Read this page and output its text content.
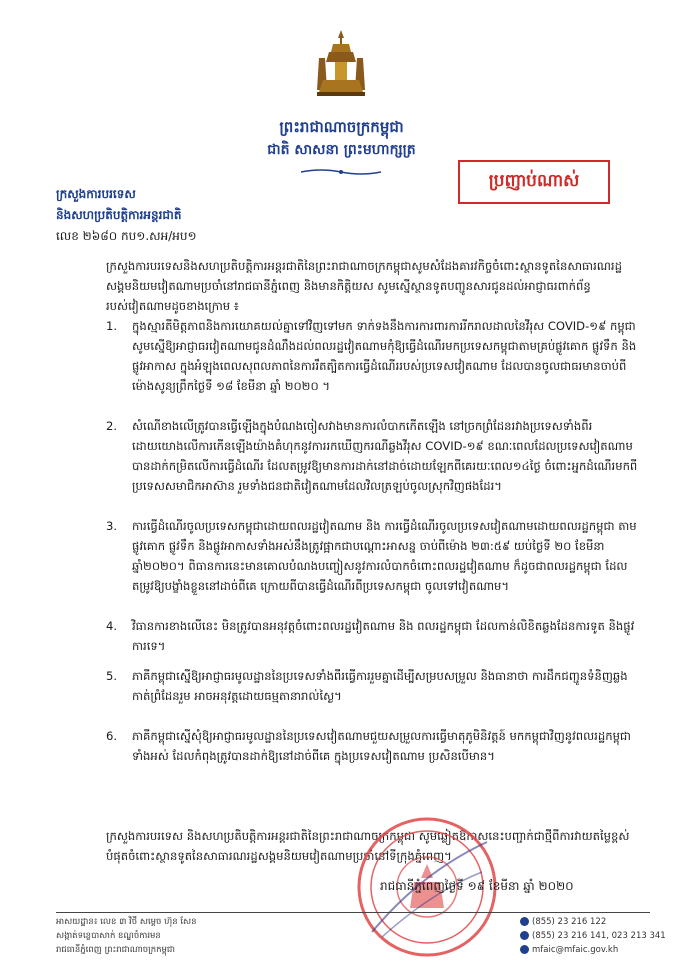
ព្រះរាជាណាចក្រកម្ពុជា
ជាតិ សាសនា ព្រះមហាក្សត្រ
ក្រសួងការបរទេស
និងសហប្រតិបត្តិការអន្តរជាតិ
លេខ ២៦៨០ កប១.សអ/អប១
ប្រញាប់ណាស់
ក្រសួងការបរទេសនិងសហប្រតិបត្តិការអន្តរជាតិនៃព្រះរាជាណាចក្រកម្ពុជាសូមសំដែងគារវកិច្ចចំពោះស្ថានទូតនៃសាធារណរដ្ឋសង្គមនិយមវៀតណាមប្រចាំនៅរាជធានីភ្នំពេញ និងមានកិត្តិយស សូមស្នើស្ថានទូតបញ្ជូនសារជូនដល់អាជ្ញាធរពាក់ព័ន្ធរបស់វៀតណាមដូចខាងក្រោម ៖
1. ក្នុងស្មារតីមិត្តភាពនិងការយោគយល់គ្នាទៅវិញទៅមក ទាក់ទងនឹងការការពារការរីករាលដាលនៃវីរុស COVID-១៩ កម្ពុជាសូមស្នើឱ្យអាជ្ញាធរវៀតណាមជូនដំណឹងដល់ពលរដ្ឋវៀតណាមកុំឱ្យធ្វើដំណើរមកប្រទេសកម្ពុជាតាមគ្រប់ផ្លូវគោក ផ្លូវទឹក និងផ្លូវអាកាស ក្នុងអំឡុងពេលសុពលភាពនៃការរឹតត្បិតការធ្វើដំណើររបស់ប្រទេសវៀតណាម ដែលបានចូលជាធរមានចាប់ពីម៉ោងសូន្យព្រឹកថ្ងៃទី ១៨ ខែមីនា ឆ្នាំ ២០២០ ។
2. សំណើខាងលើត្រូវបានធ្វើឡើងក្នុងបំណងចៀសវាងមានការលំបាកកើតឡើង នៅច្រកព្រំដែនរវាងប្រទេសទាំងពីរ ដោយយោងលើការកើនឡើងយ៉ាងគំហុកនូវការរកឃើញករណីឆ្លងវីរុស COVID-១៩ ខណៈពេលដែលប្រទេសវៀតណាមបានដាក់កម្រិតលើការធ្វើដំណើរ ដែលតម្រូវឱ្យមានការដាក់នៅដាច់ដោយឡែកពីគេរយៈពេល១៤ថ្ងៃ ចំពោះអ្នកដំណើរមកពីប្រទេសសមាជិកអាស៊ាន រួមទាំងជនជាតិវៀតណាមដែលវិលត្រឡប់ចូលស្រុកវិញផងដែរ។
3. ការធ្វើដំណើរចូលប្រទេសកម្ពុជាដោយពលរដ្ឋវៀតណាម និង ការធ្វើដំណើរចូលប្រទេសវៀតណាមដោយពលរដ្ឋកម្ពុជា តាមផ្លូវគោក ផ្លូវទឹក និងផ្លូវអាកាសទាំងអស់នឹងត្រូវផ្អាកជាបណ្តោះអាសន្ន ចាប់ពីម៉ោង ២៣:៥៩ យប់ថ្ងៃទី ២០ ខែមីនា ឆ្នាំ២០២០។ ពិធានការនេះមានគោលបំណងបញ្ចៀសនូវការលំបាកចំពោះពលរដ្ឋវៀតណាម ក៏ដូចជាពលរដ្ឋកម្ពុជា ដែលតម្រូវឱ្យបង្ខាំងខ្លួននៅដាច់ពីគេ ក្រោយពីបានធ្វើដំណើរពីប្រទេសកម្ពុជា ចូលទៅវៀតណាម។
4. វិធានការខាងលើនេះ មិនត្រូវបានអនុវត្តចំពោះពលរដ្ឋវៀតណាម និង ពលរដ្ឋកម្ពុជា ដែលកាន់លិខិតឆ្លងដែនការទូត និងផ្លូវការទេ។
5. ភាគីកម្ពុជាស្នើឱ្យអាជ្ញាធរមូលដ្ឋាននៃប្រទេសទាំងពីរធ្វើការរួមគ្នាដើម្បីសម្របសម្រួល និងធានាថា ការដឹកជញ្ជូនទំនិញឆ្លងកាត់ព្រំដែនរួម អាចអនុវត្តដោយធម្មតានារាល់ស្ងៃ។
6. ភាគីកម្ពុជាស្នើសុំឱ្យអាជ្ញាធរមូលដ្ឋាននៃប្រទេសវៀតណាមជួយសម្រួលការធ្វើមាតុភូមិនិវត្តន៍ មកកម្ពុជាវិញនូវពលរដ្ឋកម្ពុជាទាំងអស់ ដែលកំពុងត្រូវបានដាក់ឱ្យនៅដាច់ពីគេ ក្នុងប្រទេសវៀតណាម ប្រសិនបើមាន។
ក្រសួងការបរទេស និងសហប្រតិបត្តិការអន្តរជាតិនៃព្រះរាជាណាចក្រកម្ពុជា សូមឆ្លៀតឱកាសនេះបញ្ជាក់ជាថ្មីពីការវាយតម្លៃខ្ពស់បំផុតចំពោះស្ថានទូតនៃសាធារណរដ្ឋសង្គមនិយមវៀតណាមប្រចាំនៅទីក្រុងភ្នំពេញ។
រាជធានីភ្នំពេញថ្ងៃទី ១៩ ខែមីនា ឆ្នាំ ២០២០
អាសយដ្ឋាន៖ លេខ ៣ វិថី សម្ដេច ហ៊ុន សែន
សង្កាត់ទន្លេបាសាក់ ខណ្ឌចំការមន
រាជធានីភ្នំពេញ ព្រះរាជាណាចក្រកម្ពុជា
(855) 23 216 122
(855) 23 216 141, 023 213 341
mfaic@mfaic.gov.kh
